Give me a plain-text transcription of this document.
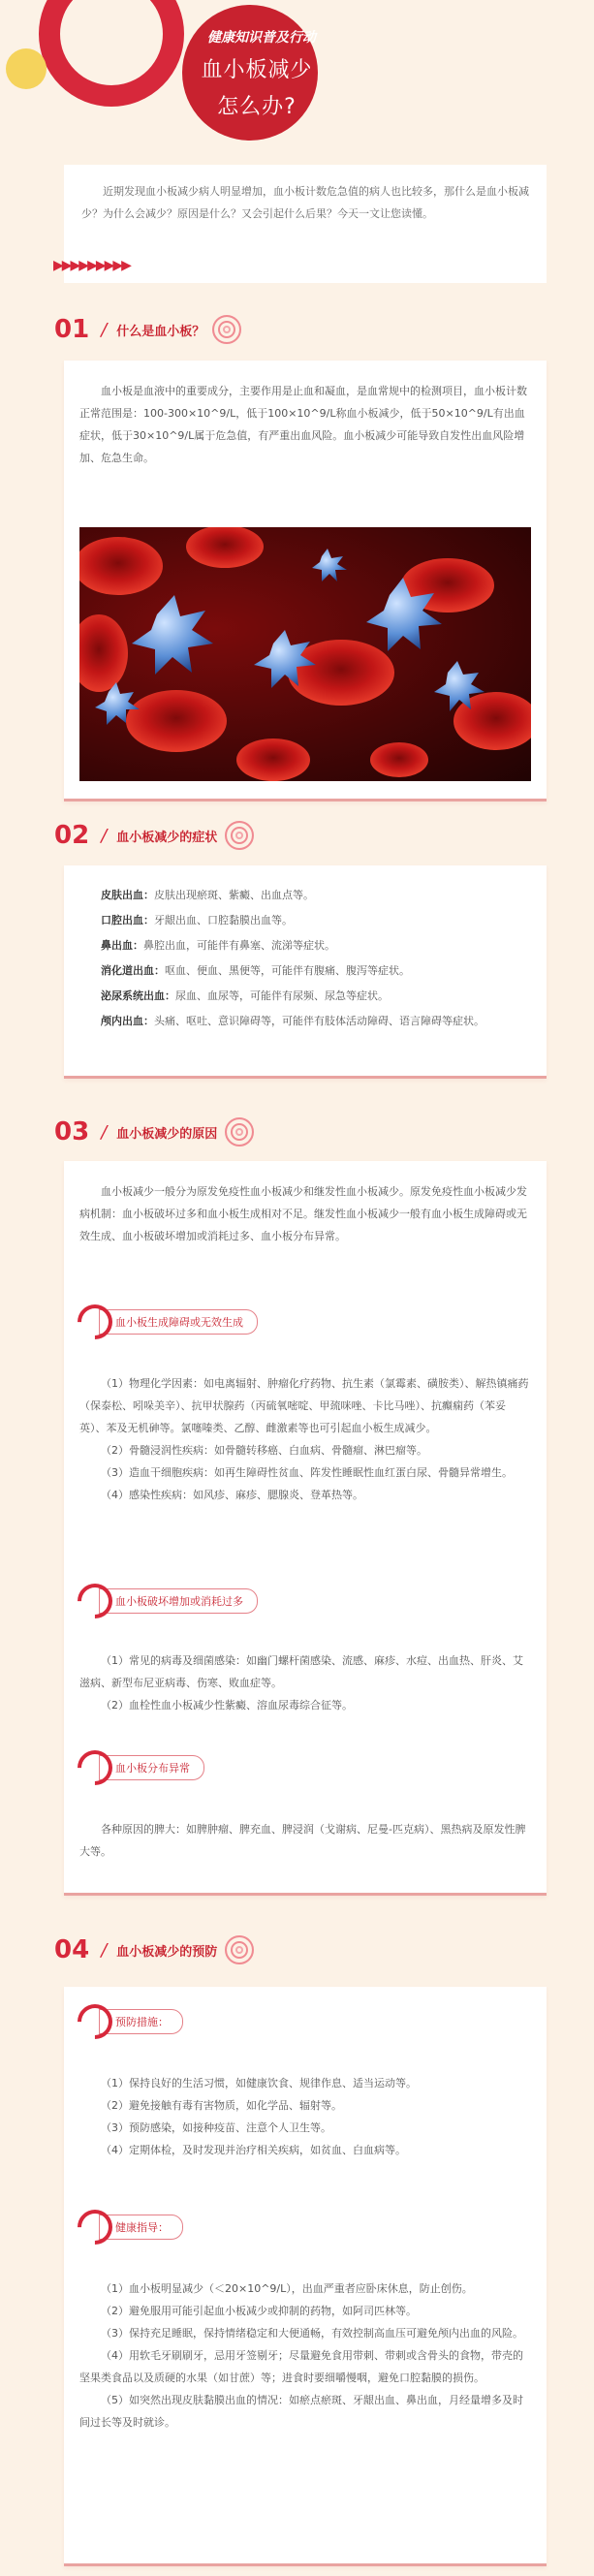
健康知识普及行动
血小板减少
怎么办?
近期发现血小板减少病人明显增加，血小板计数危急值的病人也比较多，那什么是血小板减少？为什么会减少？原因是什么？又会引起什么后果？今天一文让您读懂。
▶▶▶▶▶▶▶▶▶
01 / 什么是血小板？
血小板是血液中的重要成分，主要作用是止血和凝血，是血常规中的检测项目，血小板计数正常范围是：100-300×10^9/L，低于100×10^9/L称血小板减少，低于50×10^9/L有出血症状，低于30×10^9/L属于危急值，有严重出血风险。血小板减少可能导致自发性出血风险增加、危急生命。
02 / 血小板减少的症状
皮肤出血：皮肤出现瘀斑、紫癜、出血点等。
口腔出血：牙龈出血、口腔黏膜出血等。
鼻出血：鼻腔出血，可能伴有鼻塞、流涕等症状。
消化道出血：呕血、便血、黑便等，可能伴有腹痛、腹泻等症状。
泌尿系统出血：尿血、血尿等，可能伴有尿频、尿急等症状。
颅内出血：头痛、呕吐、意识障碍等，可能伴有肢体活动障碍、语言障碍等症状。
03 / 血小板减少的原因
血小板减少一般分为原发免疫性血小板减少和继发性血小板减少。原发免疫性血小板减少发病机制：血小板破坏过多和血小板生成相对不足。继发性血小板减少一般有血小板生成障碍或无效生成、血小板破坏增加或消耗过多、血小板分布异常。
血小板生成障碍或无效生成
（1）物理化学因素：如电离辐射、肿瘤化疗药物、抗生素（氯霉素、磺胺类）、解热镇痛药（保泰松、吲哚美辛）、抗甲状腺药（丙硫氧嘧啶、甲巯咪唑、卡比马唑）、抗癫痫药（苯妥英）、苯及无机砷等。氯噻嗪类、乙醇、雌激素等也可引起血小板生成减少。
（2）骨髓浸润性疾病：如骨髓转移癌、白血病、骨髓瘤、淋巴瘤等。
（3）造血干细胞疾病：如再生障碍性贫血、阵发性睡眠性血红蛋白尿、骨髓异常增生。
（4）感染性疾病：如风疹、麻疹、腮腺炎、登革热等。
血小板破坏增加或消耗过多
（1）常见的病毒及细菌感染：如幽门螺杆菌感染、流感、麻疹、水痘、出血热、肝炎、艾滋病、新型布尼亚病毒、伤寒、败血症等。
（2）血栓性血小板减少性紫癜、溶血尿毒综合征等。
血小板分布异常
各种原因的脾大：如脾肿瘤、脾充血、脾浸润（戈谢病、尼曼-匹克病）、黑热病及原发性脾大等。
04 / 血小板减少的预防
预防措施：
（1）保持良好的生活习惯，如健康饮食、规律作息、适当运动等。
（2）避免接触有毒有害物质，如化学品、辐射等。
（3）预防感染，如接种疫苗、注意个人卫生等。
（4）定期体检，及时发现并治疗相关疾病，如贫血、白血病等。
健康指导：
（1）血小板明显减少（＜20×10^9/L），出血严重者应卧床休息，防止创伤。
（2）避免服用可能引起血小板减少或抑制的药物，如阿司匹林等。
（3）保持充足睡眠，保持情绪稳定和大便通畅，有效控制高血压可避免颅内出血的风险。
（4）用软毛牙刷刷牙，忌用牙签剔牙；尽量避免食用带刺、带刺或含骨头的食物，带壳的坚果类食品以及质硬的水果（如甘蔗）等；进食时要细嚼慢咽，避免口腔黏膜的损伤。
（5）如突然出现皮肤黏膜出血的情况：如瘀点瘀斑、牙龈出血、鼻出血，月经量增多及时间过长等及时就诊。
